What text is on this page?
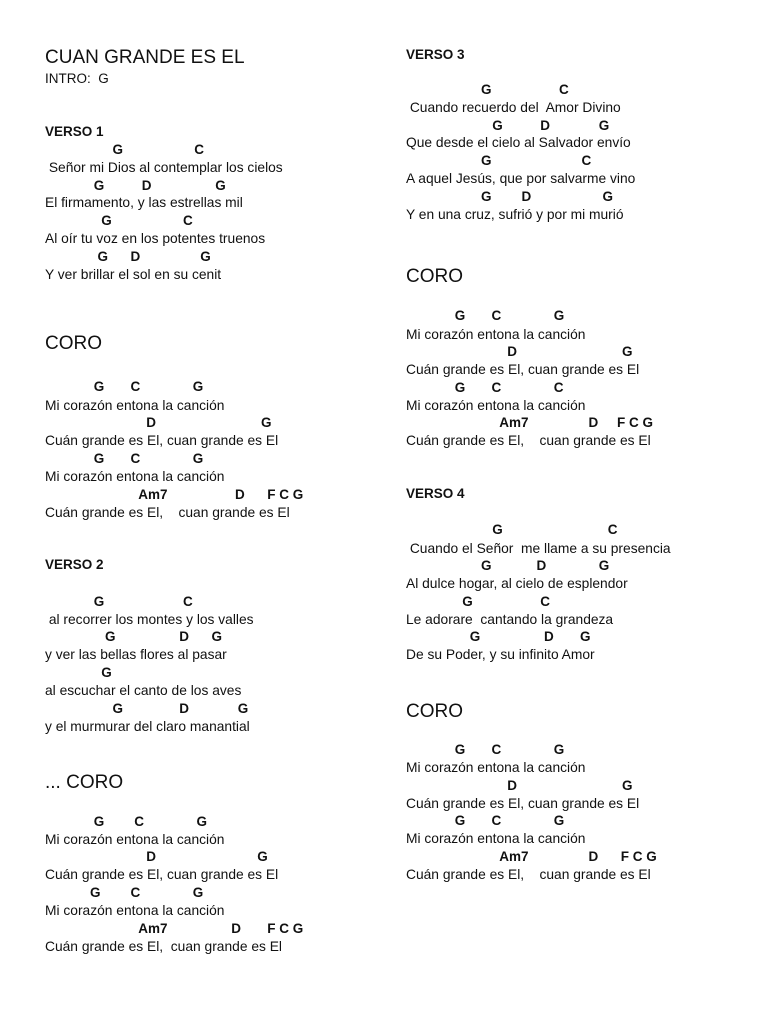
CUAN GRANDE ES EL
INTRO:  G
VERSO 1
G                   C
Señor mi Dios al contemplar los cielos
G          D                 G
El firmamento, y las estrellas mil
G                   C
Al oír tu voz en los potentes truenos
G      D                G
Y ver brillar el sol en su cenit
CORO
G       C              G
Mi corazón entona la canción
D                            G
Cuán grande es El, cuan grande es El
G       C              G
Mi corazón entona la canción
Am7                  D      F C G
Cuán grande es El,    cuan grande es El
VERSO 2
G                     C
al recorrer los montes y los valles
G                 D      G
y ver las bellas flores al pasar
G
al escuchar el canto de los aves
G               D             G
y el murmurar del claro manantial
... CORO
G        C              G
Mi corazón entona la canción
D                           G
Cuán grande es El, cuan grande es El
G        C              G
Mi corazón entona la canción
Am7                 D       F C G
Cuán grande es El,  cuan grande es El
VERSO 3
G                  C
Cuando recuerdo del  Amor Divino
G          D             G
Que desde el cielo al Salvador envío
G                        C
A aquel Jesús, que por salvarme vino
G        D                   G
Y en una cruz, sufrió y por mi murió
CORO
G       C              G
Mi corazón entona la canción
D                            G
Cuán grande es El, cuan grande es El
G       C              C
Mi corazón entona la canción
Am7                D     F C G
Cuán grande es El,    cuan grande es El
VERSO 4
G                            C
Cuando el Señor  me llame a su presencia
G            D              G
Al dulce hogar, al cielo de esplendor
G                  C
Le adorare  cantando la grandeza
G                 D       G
De su Poder, y su infinito Amor
CORO
G       C              G
Mi corazón entona la canción
D                            G
Cuán grande es El, cuan grande es El
G       C              G
Mi corazón entona la canción
Am7                D      F C G
Cuán grande es El,    cuan grande es El
